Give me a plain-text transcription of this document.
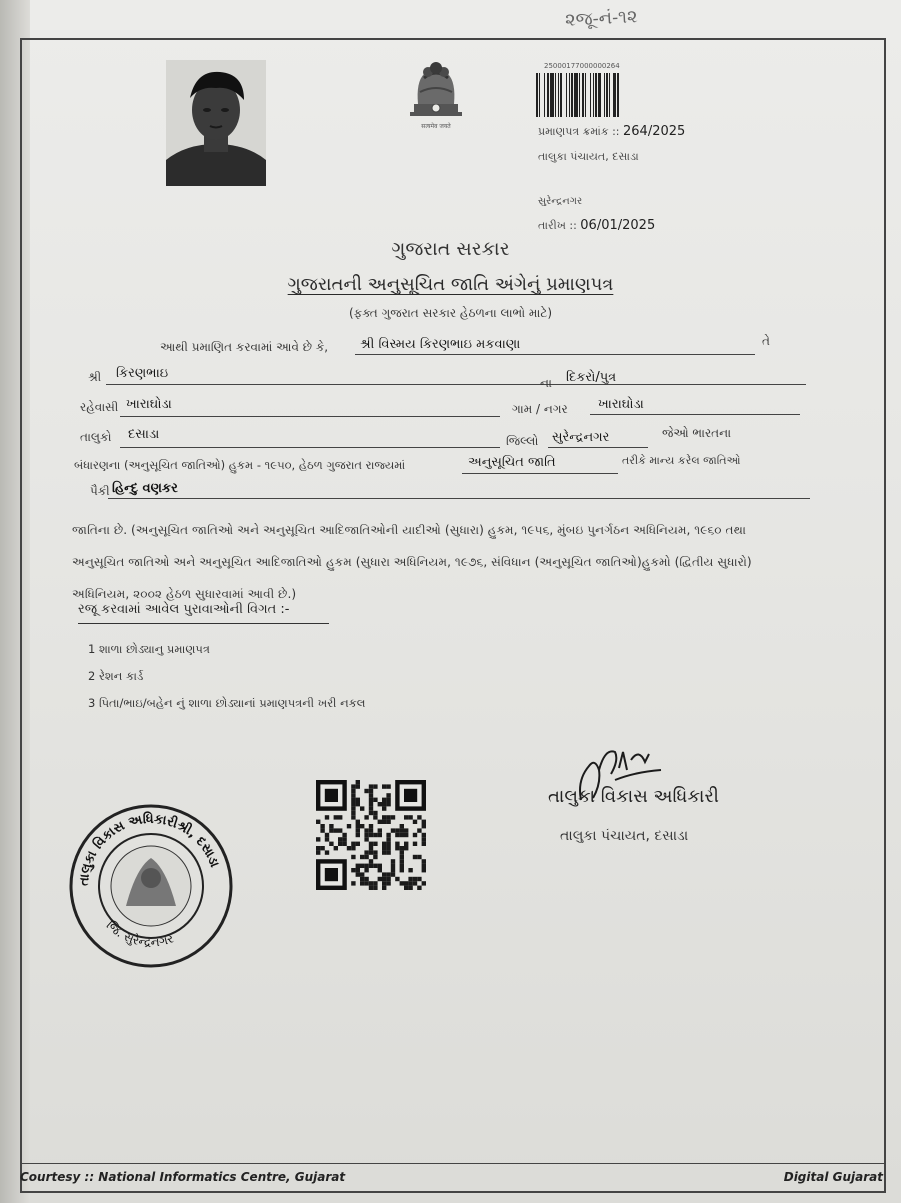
૨જૂ-નં-૧૨
सत्यमेव जयते
25000177000000264
પ્રમાણપત્ર ક્રમાંક :: 264/2025
તાલુકા પંચાયત, દસાડા
સુરેન્દ્રનગર
તારીખ :: 06/01/2025
ગુજરાત સરકાર
ગુજરાતની અનુસૂચિત જાતિ અંગેનું પ્રમાણપત્ર
(ફક્ત ગુજરાત સરકાર હેઠળના લાભો માટે)
આથી પ્રમાણિત કરવામાં આવે છે કે, શ્રી વિસ્મય કિરણભાઇ મકવાણા	તે
શ્રી કિરણભાઇ
ના દિકરો/પુત્ર
રહેવાસી ખારાઘોડા	ગામ / નગર ખારાઘોડા
તાલુકો દસાડા	જિલ્લો સુરેન્દ્રનગર	જેઓ ભારતના
બંધારણના (અનુસૂચિત જાતિઓ) હુકમ - ૧૯૫૦, હેઠળ ગુજરાત રાજ્યમાં	અનુસૂચિત જાતિ	તરીકે માન્ય કરેલ જાતિઓ
પૈકી હિન્દુ વણકર
જાતિના છે. (અનુસૂચિત જાતિઓ અને અનુસૂચિત આદિજાતિઓની યાદીઓ (સુધારા) હુકમ, ૧૯૫૬, મુંબઇ પુનર્ગઠન અધિનિયમ, ૧૯૬૦ તથા અનુસૂચિત જાતિઓ અને અનુસૂચિત આદિજાતિઓ હુકમ (સુધારા અધિનિયમ, ૧૯૭૬, સંવિધાન (અનુસૂચિત જાતિઓ)હુકમો (દ્વિતીય સુધારો) અધિનિયમ, ૨૦૦૨ હેઠળ સુધારવામાં આવી છે.)
રજૂ કરવામાં આવેલ પુરાવાઓની વિગત :-
1 શાળા છોડ્યાનુ પ્રમાણપત્ર
2 રેશન કાર્ડ
3 પિતા/ભાઇ/બહેન નું શાળા છોડ્યાનાં પ્રમાણપત્રની ખરી નકલ
તાલુકા વિકાસ અધિકારી
તાલુકા પંચાયત, દસાડા
તાલુકા વિકાસ અધિકારીશ્રી, દસાડા
જિ. સુરેન્દ્રનગર
Courtesy :: National Informatics Centre, Gujarat	Digital Gujarat
